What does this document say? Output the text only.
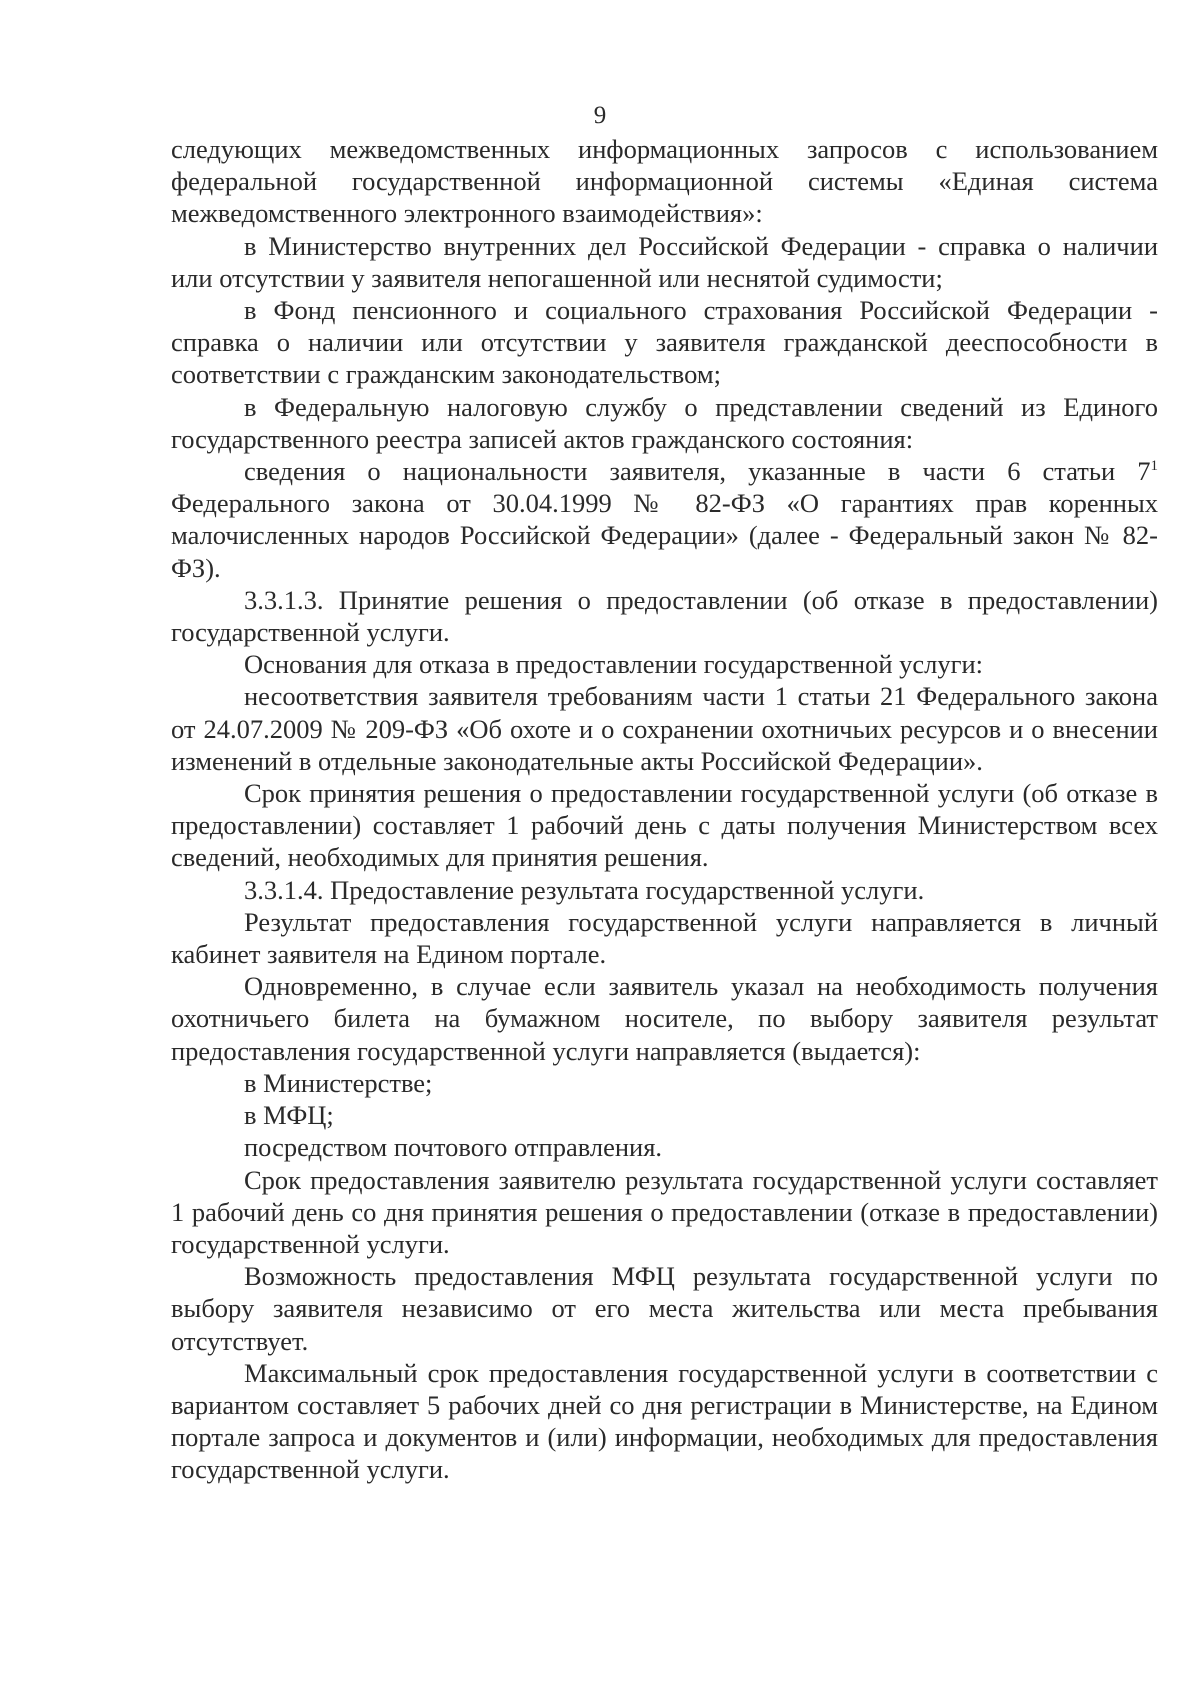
9

следующих межведомственных информационных запросов с использованием федеральной государственной информационной системы «Единая система межведомственного электронного взаимодействия»:

в Министерство внутренних дел Российской Федерации - справка о наличии или отсутствии у заявителя непогашенной или неснятой судимости;

в Фонд пенсионного и социального страхования Российской Федерации - справка о наличии или отсутствии у заявителя гражданской дееспособности в соответствии с гражданским законодательством;

в Федеральную налоговую службу о представлении сведений из Единого государственного реестра записей актов гражданского состояния:

сведения о национальности заявителя, указанные в части 6 статьи $7^1$ Федерального закона от 30.04.1999 № 82-ФЗ «О гарантиях прав коренных малочисленных народов Российской Федерации» (далее - Федеральный закон № 82-ФЗ).

3.3.1.3. Принятие решения о предоставлении (об отказе в предоставлении) государственной услуги.

Основания для отказа в предоставлении государственной услуги:

несоответствия заявителя требованиям части 1 статьи 21 Федерального закона от 24.07.2009 № 209-ФЗ «Об охоте и о сохранении охотничьих ресурсов и о внесении изменений в отдельные законодательные акты Российской Федерации».

Срок принятия решения о предоставлении государственной услуги (об отказе в предоставлении) составляет 1 рабочий день с даты получения Министерством всех сведений, необходимых для принятия решения.

3.3.1.4. Предоставление результата государственной услуги.

Результат предоставления государственной услуги направляется в личный кабинет заявителя на Едином портале.

Одновременно, в случае если заявитель указал на необходимость получения охотничьего билета на бумажном носителе, по выбору заявителя результат предоставления государственной услуги направляется (выдается):

в Министерстве;

в МФЦ;

посредством почтового отправления.

Срок предоставления заявителю результата государственной услуги составляет 1 рабочий день со дня принятия решения о предоставлении (отказе в предоставлении) государственной услуги.

Возможность предоставления МФЦ результата государственной услуги по выбору заявителя независимо от его места жительства или места пребывания отсутствует.

Максимальный срок предоставления государственной услуги в соответствии с вариантом составляет 5 рабочих дней со дня регистрации в Министерстве, на Едином портале запроса и документов и (или) информации, необходимых для предоставления государственной услуги.
